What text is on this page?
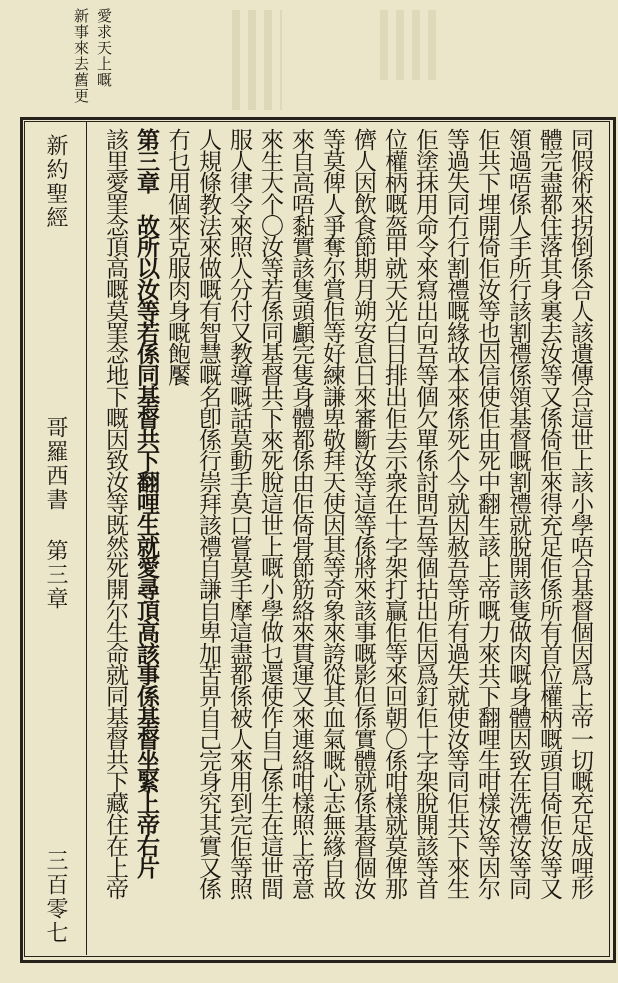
新事來去舊更 愛求天上嘅
新約聖經
哥羅西書
第三章
三百零七	同假術來拐倒係合人該遺傳合這世上該小學唔合基督個因爲上帝一切嘅充足成哩形
體完盡都住落其身裏去汝等又係倚佢來得充足佢係所有首位權柄嘅頭目倚佢汝等又
領過唔係人手所行該割禮係領基督嘅割禮就脫開該隻做肉嘅身體因致在洗禮汝等同
佢共下埋開倚佢汝等也因信使佢由死中翻生該上帝嘅力來共下翻哩生咁樣汝等因尔
等過失同冇行割禮嘅緣故本來係死个今就因赦吾等所有過失就使汝等同佢共下來生
佢塗抹用命令來寫出向吾等個欠單係討問吾等個拈出佢因爲釘佢十字架脫開該等首
位權柄嘅盔甲就天光白日排出佢去示衆在十字架打贏佢等來回朝〇係咁樣就莫俾那
儕人因飲食節期月朔安息日來審斷汝等這等係將來該事嘅影但係實體就係基督個汝
等莫俾人爭奪尔賞佢等好練謙卑敬拜天使因其等奇象來誇從其血氣嘅心志無緣自故
來自高唔黏實該隻頭顱完隻身體都係由佢倚骨節筋絡來貫運又來連絡咁樣照上帝意
來生大个〇汝等若係同基督共下來死脫這世上嘅小學做乜還使作自己係生在這世間
服人律令來照人分付又教導嘅話莫動手莫口嘗莫手摩這盡都係被人來用到完佢等照
人規條教法來做嘅有智慧嘅名卽係行崇拜該禮自謙自卑加苦畀自己完身究其實又係
冇乜用個來克服肉身嘅飽饜
第三章　故所以汝等若係同基督共下翻哩生就愛尋頂高該事係基督坐緊上帝右片
該里愛罣念頂高嘅莫罣念地下嘅因致汝等既然死開尔生命就同基督共下藏住在上帝
